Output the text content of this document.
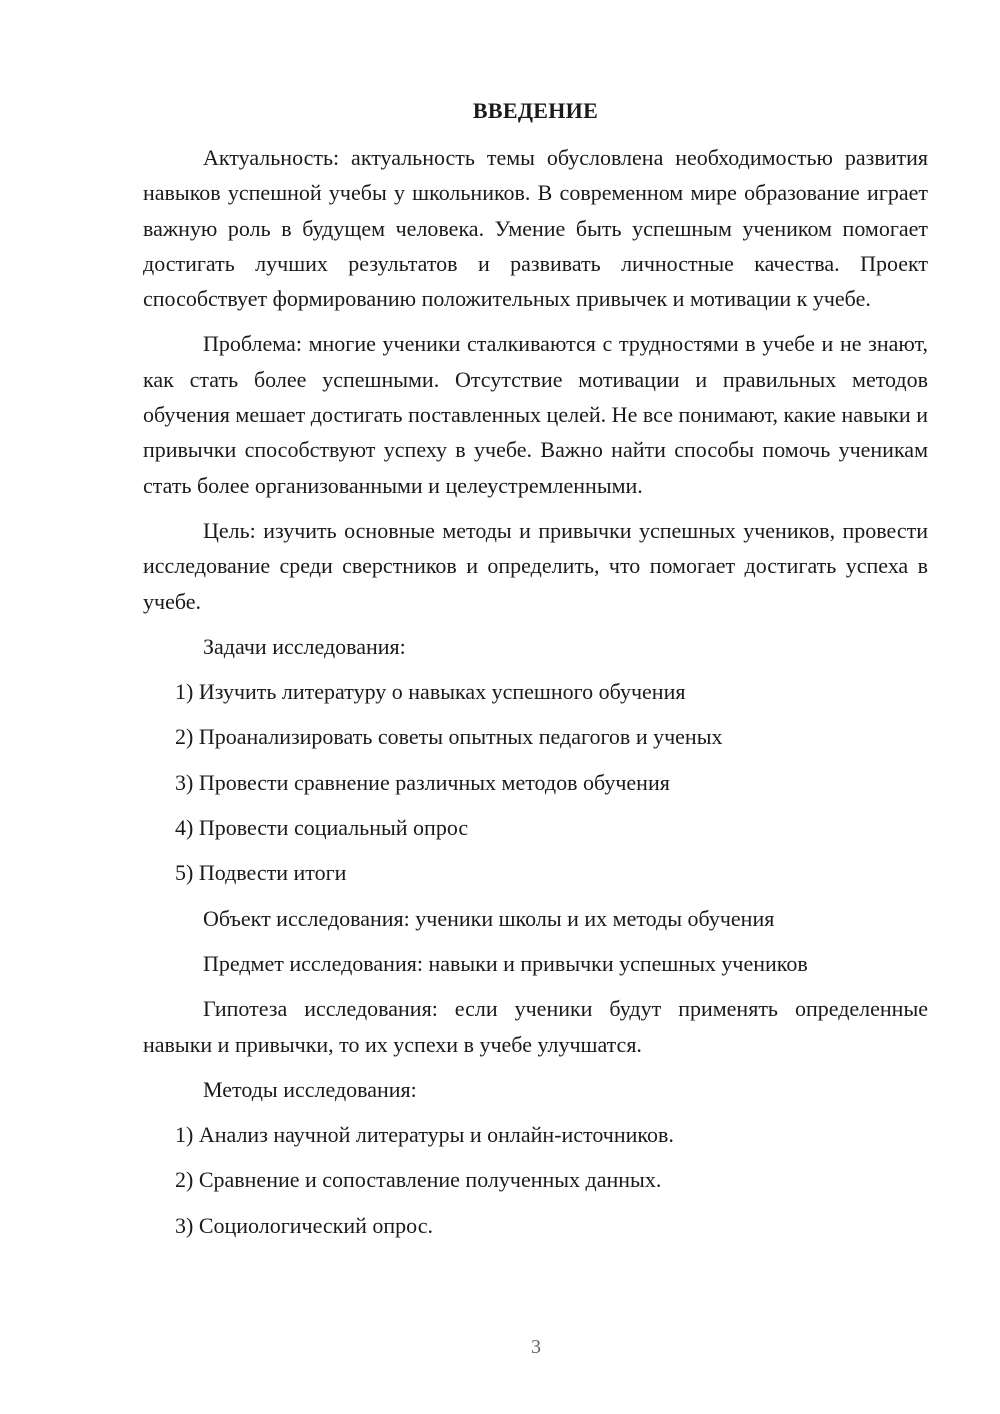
ВВЕДЕНИЕ

Актуальность: актуальность темы обусловлена необходимостью развития навыков успешной учебы у школьников. В современном мире образование играет важную роль в будущем человека. Умение быть успешным учеником помогает достигать лучших результатов и развивать личностные качества. Проект способствует формированию положительных привычек и мотивации к учебе.

Проблема: многие ученики сталкиваются с трудностями в учебе и не знают, как стать более успешными. Отсутствие мотивации и правильных методов обучения мешает достигать поставленных целей. Не все понимают, какие навыки и привычки способствуют успеху в учебе. Важно найти способы помочь ученикам стать более организованными и целеустремленными.

Цель: изучить основные методы и привычки успешных учеников, провести исследование среди сверстников и определить, что помогает достигать успеха в учебе.

Задачи исследования:

1) Изучить литературу о навыках успешного обучения

2) Проанализировать советы опытных педагогов и ученых

3) Провести сравнение различных методов обучения

4) Провести социальный опрос

5) Подвести итоги

Объект исследования: ученики школы и их методы обучения

Предмет исследования: навыки и привычки успешных учеников

Гипотеза исследования: если ученики будут применять определенные навыки и привычки, то их успехи в учебе улучшатся.

Методы исследования:

1) Анализ научной литературы и онлайн-источников.

2) Сравнение и сопоставление полученных данных.

3) Социологический опрос.

3
